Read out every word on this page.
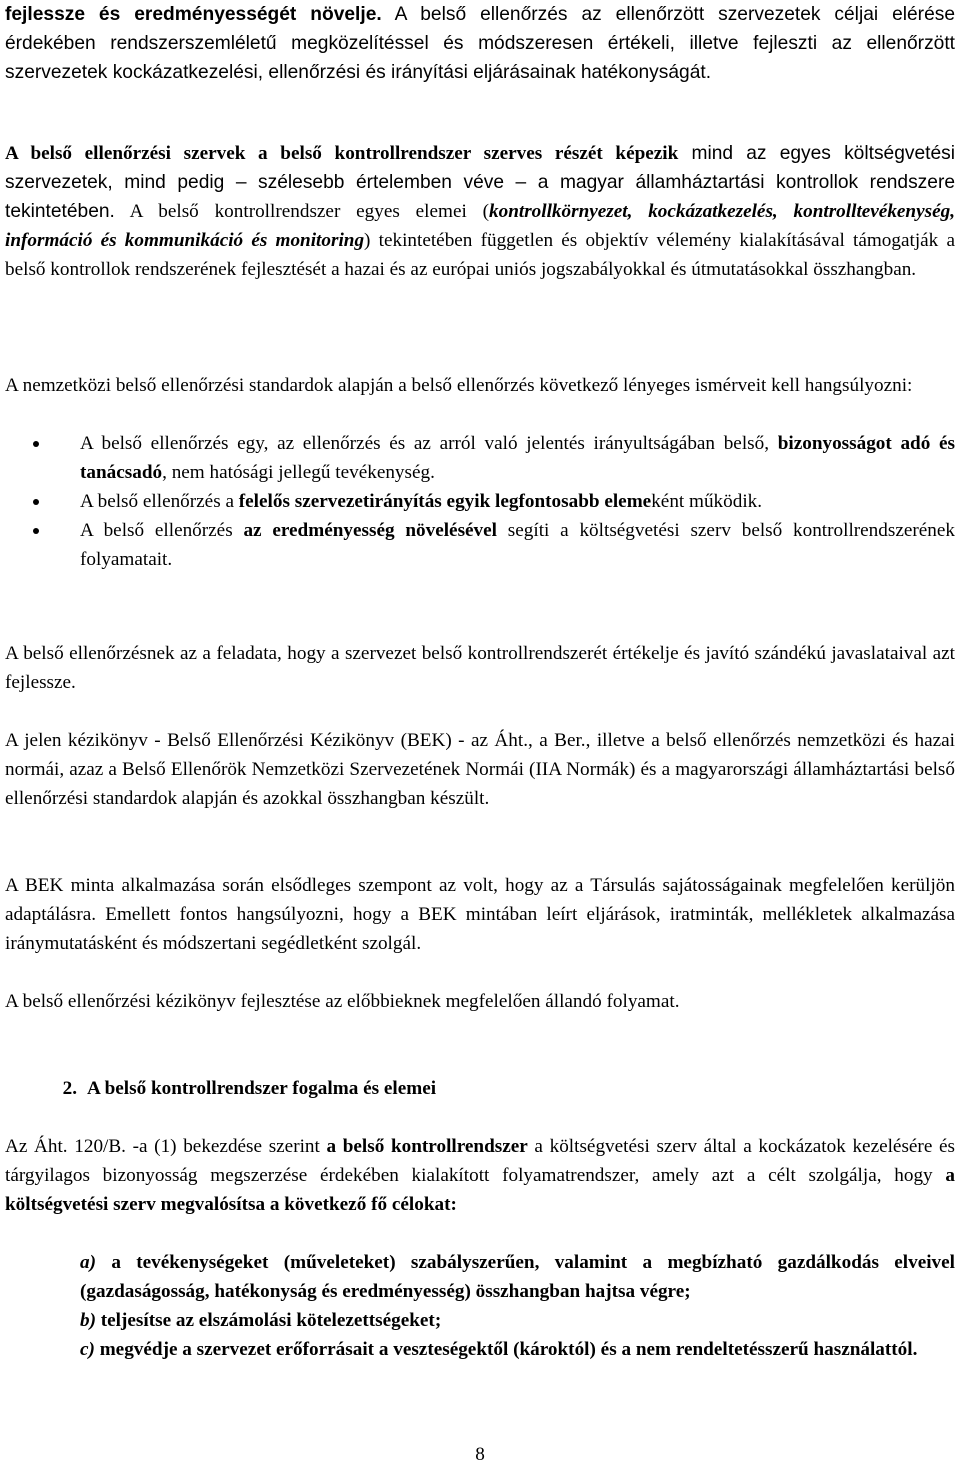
fejlessze és eredményességét növelje. A belső ellenőrzés az ellenőrzött szervezetek céljai elérése érdekében rendszerszemléletű megközelítéssel és módszeresen értékeli, illetve fejleszti az ellenőrzött szervezetek kockázatkezelési, ellenőrzési és irányítási eljárásainak hatékonyságát.

A belső ellenőrzési szervek a belső kontrollrendszer szerves részét képezik mind az egyes költségvetési szervezetek, mind pedig – szélesebb értelemben véve – a magyar államháztartási kontrollok rendszere tekintetében. A belső kontrollrendszer egyes elemei (kontrollkörnyezet, kockázatkezelés, kontrolltevékenység, információ és kommunikáció és monitoring) tekintetében független és objektív vélemény kialakításával támogatják a belső kontrollok rendszerének fejlesztését a hazai és az európai uniós jogszabályokkal és útmutatásokkal összhangban.

A nemzetközi belső ellenőrzési standardok alapján a belső ellenőrzés következő lényeges ismérveit kell hangsúlyozni:

A belső ellenőrzés egy, az ellenőrzés és az arról való jelentés irányultságában belső, bizonyosságot adó és tanácsadó, nem hatósági jellegű tevékenység.
A belső ellenőrzés a felelős szervezetirányítás egyik legfontosabb elemeként működik.
A belső ellenőrzés az eredményesség növelésével segíti a költségvetési szerv belső kontrollrendszerének folyamatait.

A belső ellenőrzésnek az a feladata, hogy a szervezet belső kontrollrendszerét értékelje és javító szándékú javaslataival azt fejlessze.

A jelen kézikönyv - Belső Ellenőrzési Kézikönyv (BEK) - az Áht., a Ber., illetve a belső ellenőrzés nemzetközi és hazai normái, azaz a Belső Ellenőrök Nemzetközi Szervezetének Normái (IIA Normák) és a magyarországi államháztartási belső ellenőrzési standardok alapján és azokkal összhangban készült.

A BEK minta alkalmazása során elsődleges szempont az volt, hogy az a Társulás sajátosságainak megfelelően kerüljön adaptálásra. Emellett fontos hangsúlyozni, hogy a BEK mintában leírt eljárások, iratminták, mellékletek alkalmazása iránymutatásként és módszertani segédletként szolgál.

A belső ellenőrzési kézikönyv fejlesztése az előbbieknek megfelelően állandó folyamat.

2. A belső kontrollrendszer fogalma és elemei

Az Áht. 120/B. -a (1) bekezdése szerint a belső kontrollrendszer a költségvetési szerv által a kockázatok kezelésére és tárgyilagos bizonyosság megszerzése érdekében kialakított folyamatrendszer, amely azt a célt szolgálja, hogy a költségvetési szerv megvalósítsa a következő fő célokat:

a) a tevékenységeket (műveleteket) szabályszerűen, valamint a megbízható gazdálkodás elveivel (gazdaságosság, hatékonyság és eredményesség) összhangban hajtsa végre;
b) teljesítse az elszámolási kötelezettségeket;
c) megvédje a szervezet erőforrásait a veszteségektől (károktól) és a nem rendeltetésszerű használattól.
8
